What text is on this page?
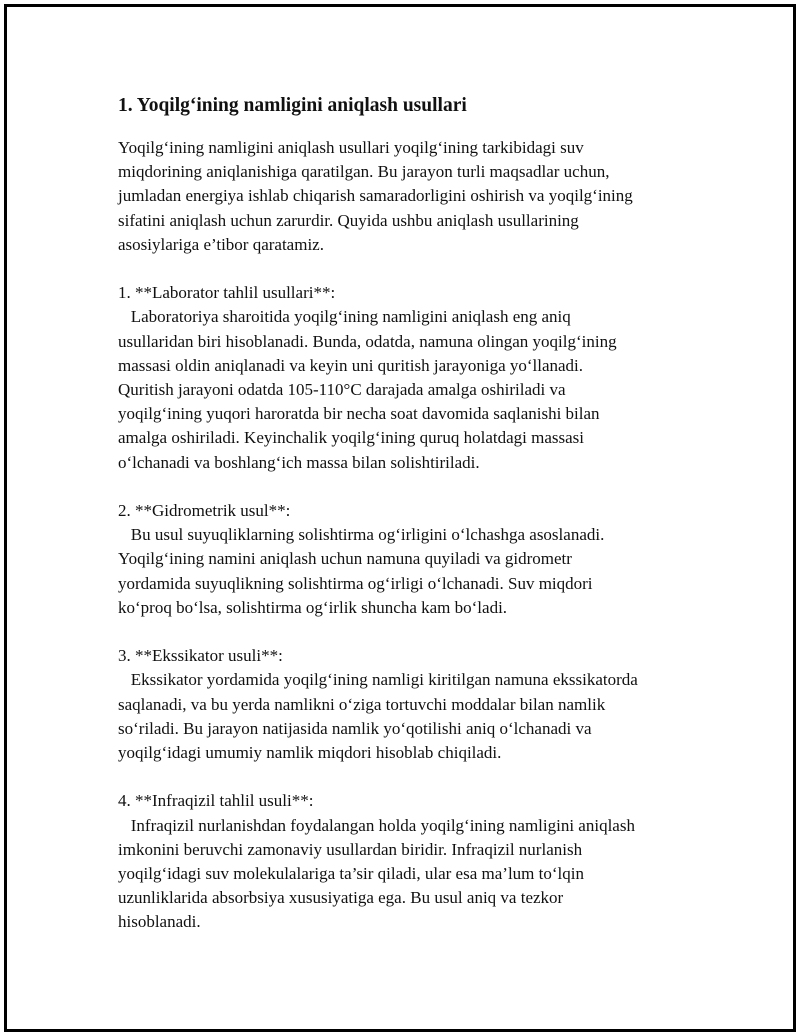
1. Yoqilg‘ining namligini aniqlash usullari
Yoqilg‘ining namligini aniqlash usullari yoqilg‘ining tarkibidagi suv
miqdorining aniqlanishiga qaratilgan. Bu jarayon turli maqsadlar uchun,
jumladan energiya ishlab chiqarish samaradorligini oshirish va yoqilg‘ining
sifatini aniqlash uchun zarurdir. Quyida ushbu aniqlash usullarining
asosiylariga e’tibor qaratamiz.
1. **Laborator tahlil usullari**:
Laboratoriya sharoitida yoqilg‘ining namligini aniqlash eng aniq
usullaridan biri hisoblanadi. Bunda, odatda, namuna olingan yoqilg‘ining
massasi oldin aniqlanadi va keyin uni quritish jarayoniga yo‘llanadi.
Quritish jarayoni odatda 105-110°C darajada amalga oshiriladi va
yoqilg‘ining yuqori haroratda bir necha soat davomida saqlanishi bilan
amalga oshiriladi. Keyinchalik yoqilg‘ining quruq holatdagi massasi
o‘lchanadi va boshlang‘ich massa bilan solishtiriladi.
2. **Gidrometrik usul**:
Bu usul suyuqliklarning solishtirma og‘irligini o‘lchashga asoslanadi.
Yoqilg‘ining namini aniqlash uchun namuna quyiladi va gidrometr
yordamida suyuqlikning solishtirma og‘irligi o‘lchanadi. Suv miqdori
ko‘proq bo‘lsa, solishtirma og‘irlik shuncha kam bo‘ladi.
3. **Ekssikator usuli**:
Ekssikator yordamida yoqilg‘ining namligi kiritilgan namuna ekssikatorda
saqlanadi, va bu yerda namlikni o‘ziga tortuvchi moddalar bilan namlik
so‘riladi. Bu jarayon natijasida namlik yo‘qotilishi aniq o‘lchanadi va
yoqilg‘idagi umumiy namlik miqdori hisoblab chiqiladi.
4. **Infraqizil tahlil usuli**:
Infraqizil nurlanishdan foydalangan holda yoqilg‘ining namligini aniqlash
imkonini beruvchi zamonaviy usullardan biridir. Infraqizil nurlanish
yoqilg‘idagi suv molekulalariga ta’sir qiladi, ular esa ma’lum to‘lqin
uzunliklarida absorbsiya xususiyatiga ega. Bu usul aniq va tezkor
hisoblanadi.
